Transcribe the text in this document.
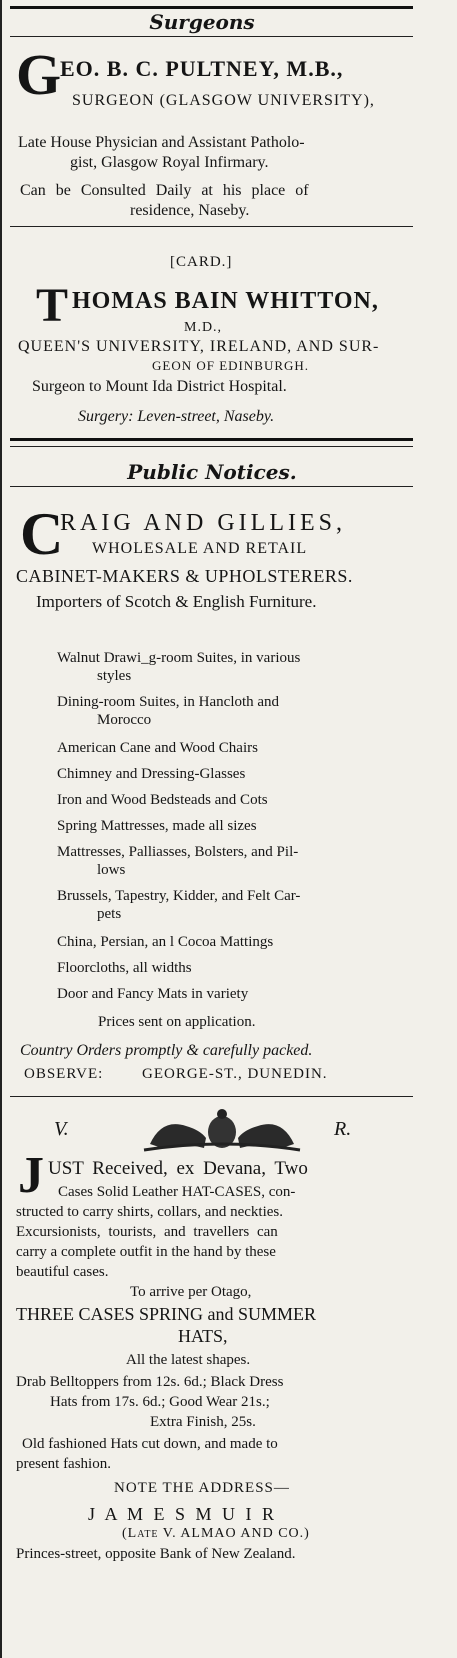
Surgeons
G
EO. B. C. PULTNEY, M.B.,
SURGEON (GLASGOW UNIVERSITY),
Late House Physician and Assistant Patholo-
gist, Glasgow Royal Infirmary.
Can be Consulted Daily at his place of
residence, Naseby.
[CARD.]
T HOMAS BAIN WHITTON,
M.D.,
QUEEN'S UNIVERSITY, IRELAND, AND SUR-
GEON OF EDINBURGH.
Surgeon to Mount Ida District Hospital.
Surgery: Leven-street, Naseby.
Public Notices.
C
RAIG AND GILLIES,
WHOLESALE AND RETAIL
CABINET-MAKERS & UPHOLSTERERS.
Importers of Scotch & English Furniture.
Walnut Drawi_g-room Suites, in various
styles
Dining-room Suites, in Hancloth and
Morocco
American Cane and Wood Chairs
Chimney and Dressing-Glasses
Iron and Wood Bedsteads and Cots
Spring Mattresses, made all sizes
Mattresses, Palliasses, Bolsters, and Pil-
lows
Brussels, Tapestry, Kidder, and Felt Car-
pets
China, Persian, an l Cocoa Mattings
Floorcloths, all widths
Door and Fancy Mats in variety
Prices sent on application.
Country Orders promptly & carefully packed.
OBSERVE:	GEORGE-ST., DUNEDIN.
V.	R.
J UST Received, ex Devana, Two
Cases Solid Leather HAT-CASES, con-
structed to carry shirts, collars, and neckties.
Excursionists, tourists, and travellers can
carry a complete outfit in the hand by these
beautiful cases.
To arrive per Otago,
THREE CASES SPRING and SUMMER
HATS,
All the latest shapes.
Drab Belltoppers from 12s. 6d.; Black Dress
Hats from 17s. 6d.; Good Wear 21s.;
Extra Finish, 25s.
Old fashioned Hats cut down, and made to
present fashion.
NOTE THE ADDRESS—
J A M E S M U I R
(Late V. ALMAO AND CO.)
Princes-street, opposite Bank of New Zealand.
